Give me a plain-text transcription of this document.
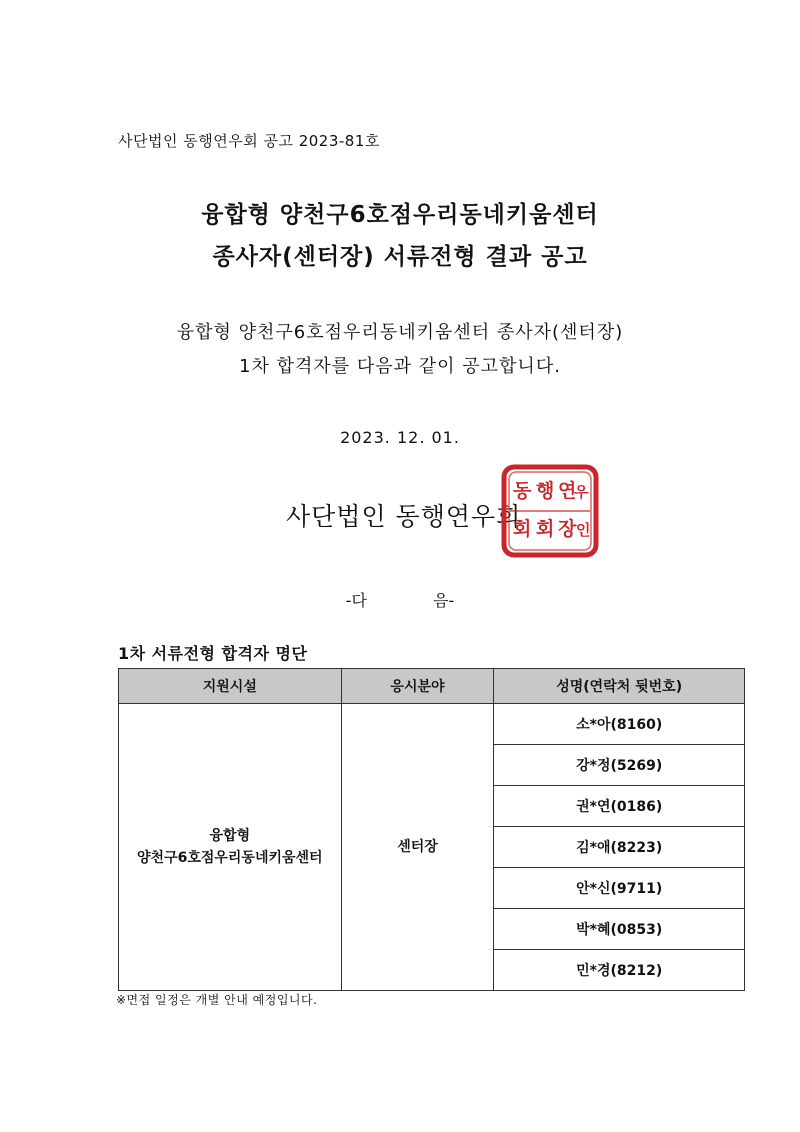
사단법인 동행연우회 공고 2023-81호
융합형 양천구6호점우리동네키움센터
종사자(센터장) 서류전형 결과 공고
융합형 양천구6호점우리동네키움센터 종사자(센터장)
1차 합격자를 다음과 같이 공고합니다.
2023. 12. 01.
사단법인 동행연우회
동 행 연
우
회 회 장 인
-다	음-
1차 서류전형 합격자 명단
지원시설	응시분야	성명(연락처 뒷번호)

융합형
양천구6호점우리동네키움센터	센터장	소*아(8160)
		강*정(5269)
		권*연(0186)
		김*애(8223)
		안*신(9711)
		박*혜(0853)
		민*경(8212)
※면접 일정은 개별 안내 예정입니다.
